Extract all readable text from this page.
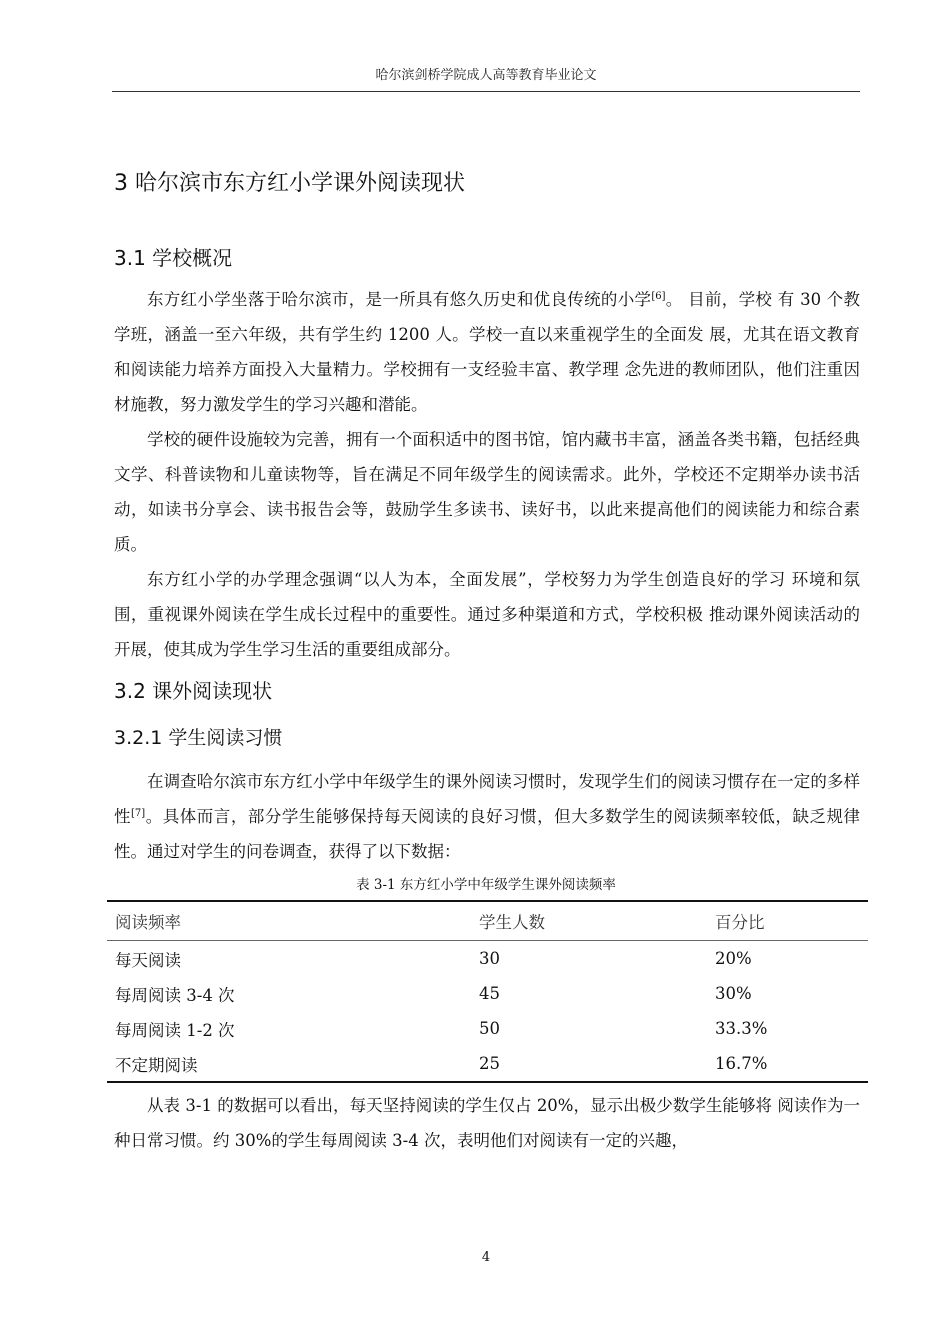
哈尔滨剑桥学院成人高等教育毕业论文
3 哈尔滨市东方红小学课外阅读现状
3.1 学校概况

东方红小学坐落于哈尔滨市，是一所具有悠久历史和优良传统的小学[6]。 目前，学校 有 30 个教学班，涵盖一至六年级，共有学生约 1200 人。学校一直以来重视学生的全面发 展，尤其在语文教育和阅读能力培养方面投入大量精力。学校拥有一支经验丰富、教学理 念先进的教师团队，他们注重因材施教，努力激发学生的学习兴趣和潜能。

学校的硬件设施较为完善，拥有一个面积适中的图书馆，馆内藏书丰富，涵盖各类书籍，包括经典文学、科普读物和儿童读物等，旨在满足不同年级学生的阅读需求。此外，学校还不定期举办读书活动，如读书分享会、读书报告会等，鼓励学生多读书、读好书，以此来提高他们的阅读能力和综合素质。

东方红小学的办学理念强调“以人为本，全面发展”，学校努力为学生创造良好的学习 环境和氛围，重视课外阅读在学生成长过程中的重要性。通过多种渠道和方式，学校积极 推动课外阅读活动的开展，使其成为学生学习生活的重要组成部分。

3.2 课外阅读现状
3.2.1 学生阅读习惯

在调查哈尔滨市东方红小学中年级学生的课外阅读习惯时，发现学生们的阅读习惯存在一定的多样性[7]。具体而言，部分学生能够保持每天阅读的良好习惯，但大多数学生的阅读频率较低，缺乏规律性。通过对学生的问卷调查，获得了以下数据：

表 3-1 东方红小学中年级学生课外阅读频率
阅读频率	学生人数	百分比
每天阅读	30	20%
每周阅读 3-4 次	45	30%
每周阅读 1-2 次	50	33.3%
不定期阅读	25	16.7%

从表 3-1 的数据可以看出，每天坚持阅读的学生仅占 20%，显示出极少数学生能够将 阅读作为一种日常习惯。约 30%的学生每周阅读 3-4 次，表明他们对阅读有一定的兴趣，

4
